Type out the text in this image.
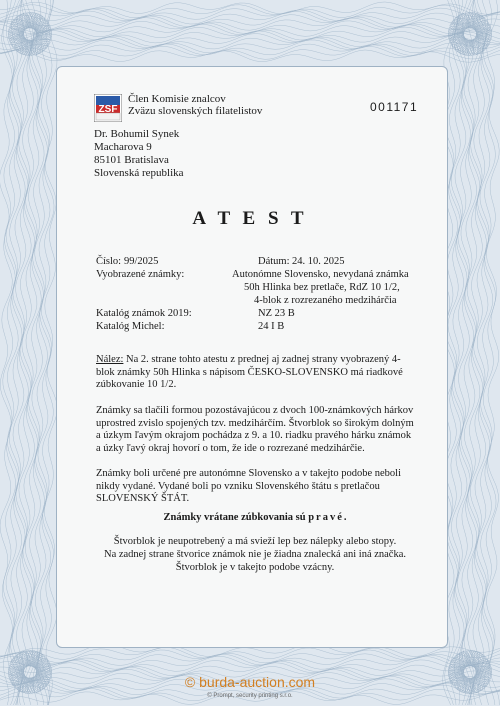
ZSF
Člen Komisie znalcov
Zväzu slovenských filatelistov	001171
Dr. Bohumil Synek
Macharova 9
85101 Bratislava
Slovenská republika
A T E S T
Číslo: 99/2025	Dátum: 24. 10. 2025
Vyobrazené známky:	Autonómne Slovensko, nevydaná známka
50h Hlinka bez pretlače, RdZ 10 1/2,
4-blok z rozrezaného medzihárčia
Katalóg známok 2019:	NZ 23 B
Katalóg Michel:	24 I B
Nález: Na 2. strane tohto atestu z prednej aj zadnej strany vyobrazený 4-blok známky 50h Hlinka s nápisom ČESKO-SLOVENSKO má riadkové zúbkovanie 10 1/2.
Známky sa tlačili formou pozostávajúcou z dvoch 100-známkových hárkov uprostred zvislo spojených tzv. medzihárčím. Štvorblok so širokým dolným a úzkym ľavým okrajom pochádza z 9. a 10. riadku pravého hárku známok a úzky ľavý okraj hovorí o tom, že ide o rozrezané medzihárčie.
Známky boli určené pre autonómne Slovensko a v takejto podobe neboli nikdy vydané. Vydané boli po vzniku Slovenského štátu s pretlačou SLOVENSKÝ ŠTÁT.
Známky vrátane zúbkovania sú pravé.
Štvorblok je neupotrebený a má svieží lep bez nálepky alebo stopy.
Na zadnej strane štvorice známok nie je žiadna znalecká ani iná značka.
Štvorblok je v takejto podobe vzácny.
© burda-auction.com
© Prompt, security printing s.r.o.
